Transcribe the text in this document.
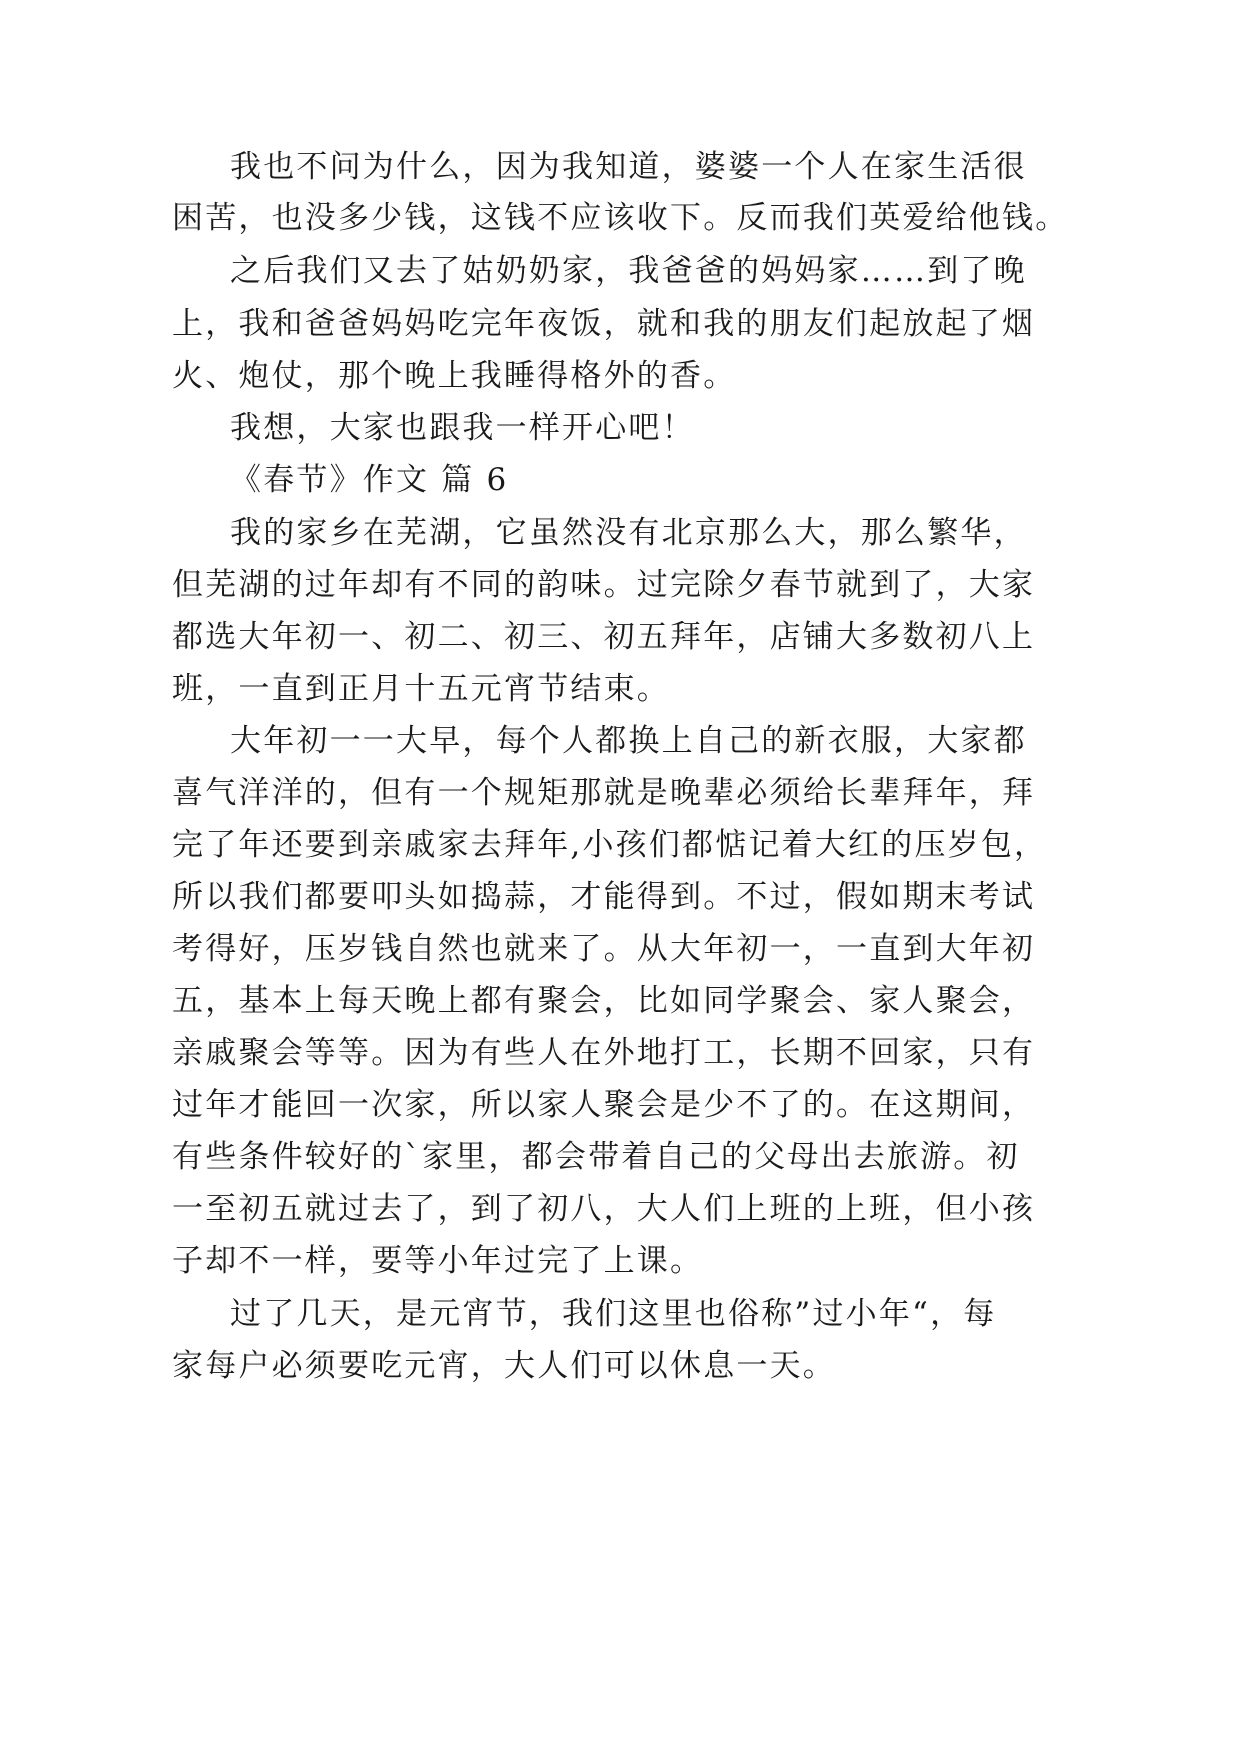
我也不问为什么，因为我知道，婆婆一个人在家生活很
困苦，也没多少钱，这钱不应该收下。反而我们英爱给他钱。
之后我们又去了姑奶奶家，我爸爸的妈妈家……到了晚
上，我和爸爸妈妈吃完年夜饭，就和我的朋友们起放起了烟
火、炮仗，那个晚上我睡得格外的香。
我想，大家也跟我一样开心吧！
《春节》作文 篇 6
我的家乡在芜湖，它虽然没有北京那么大，那么繁华，
但芜湖的过年却有不同的韵味。过完除夕春节就到了，大家
都选大年初一、初二、初三、初五拜年，店铺大多数初八上
班，一直到正月十五元宵节结束。
大年初一一大早，每个人都换上自己的新衣服，大家都
喜气洋洋的，但有一个规矩那就是晚辈必须给长辈拜年，拜
完了年还要到亲戚家去拜年,小孩们都惦记着大红的压岁包，
所以我们都要叩头如捣蒜，才能得到。不过，假如期末考试
考得好，压岁钱自然也就来了。从大年初一，一直到大年初
五，基本上每天晚上都有聚会，比如同学聚会、家人聚会，
亲戚聚会等等。因为有些人在外地打工，长期不回家，只有
过年才能回一次家，所以家人聚会是少不了的。在这期间，
有些条件较好的`家里，都会带着自己的父母出去旅游。初
一至初五就过去了，到了初八，大人们上班的上班，但小孩
子却不一样，要等小年过完了上课。
过了几天，是元宵节，我们这里也俗称”过小年“，每
家每户必须要吃元宵，大人们可以休息一天。
